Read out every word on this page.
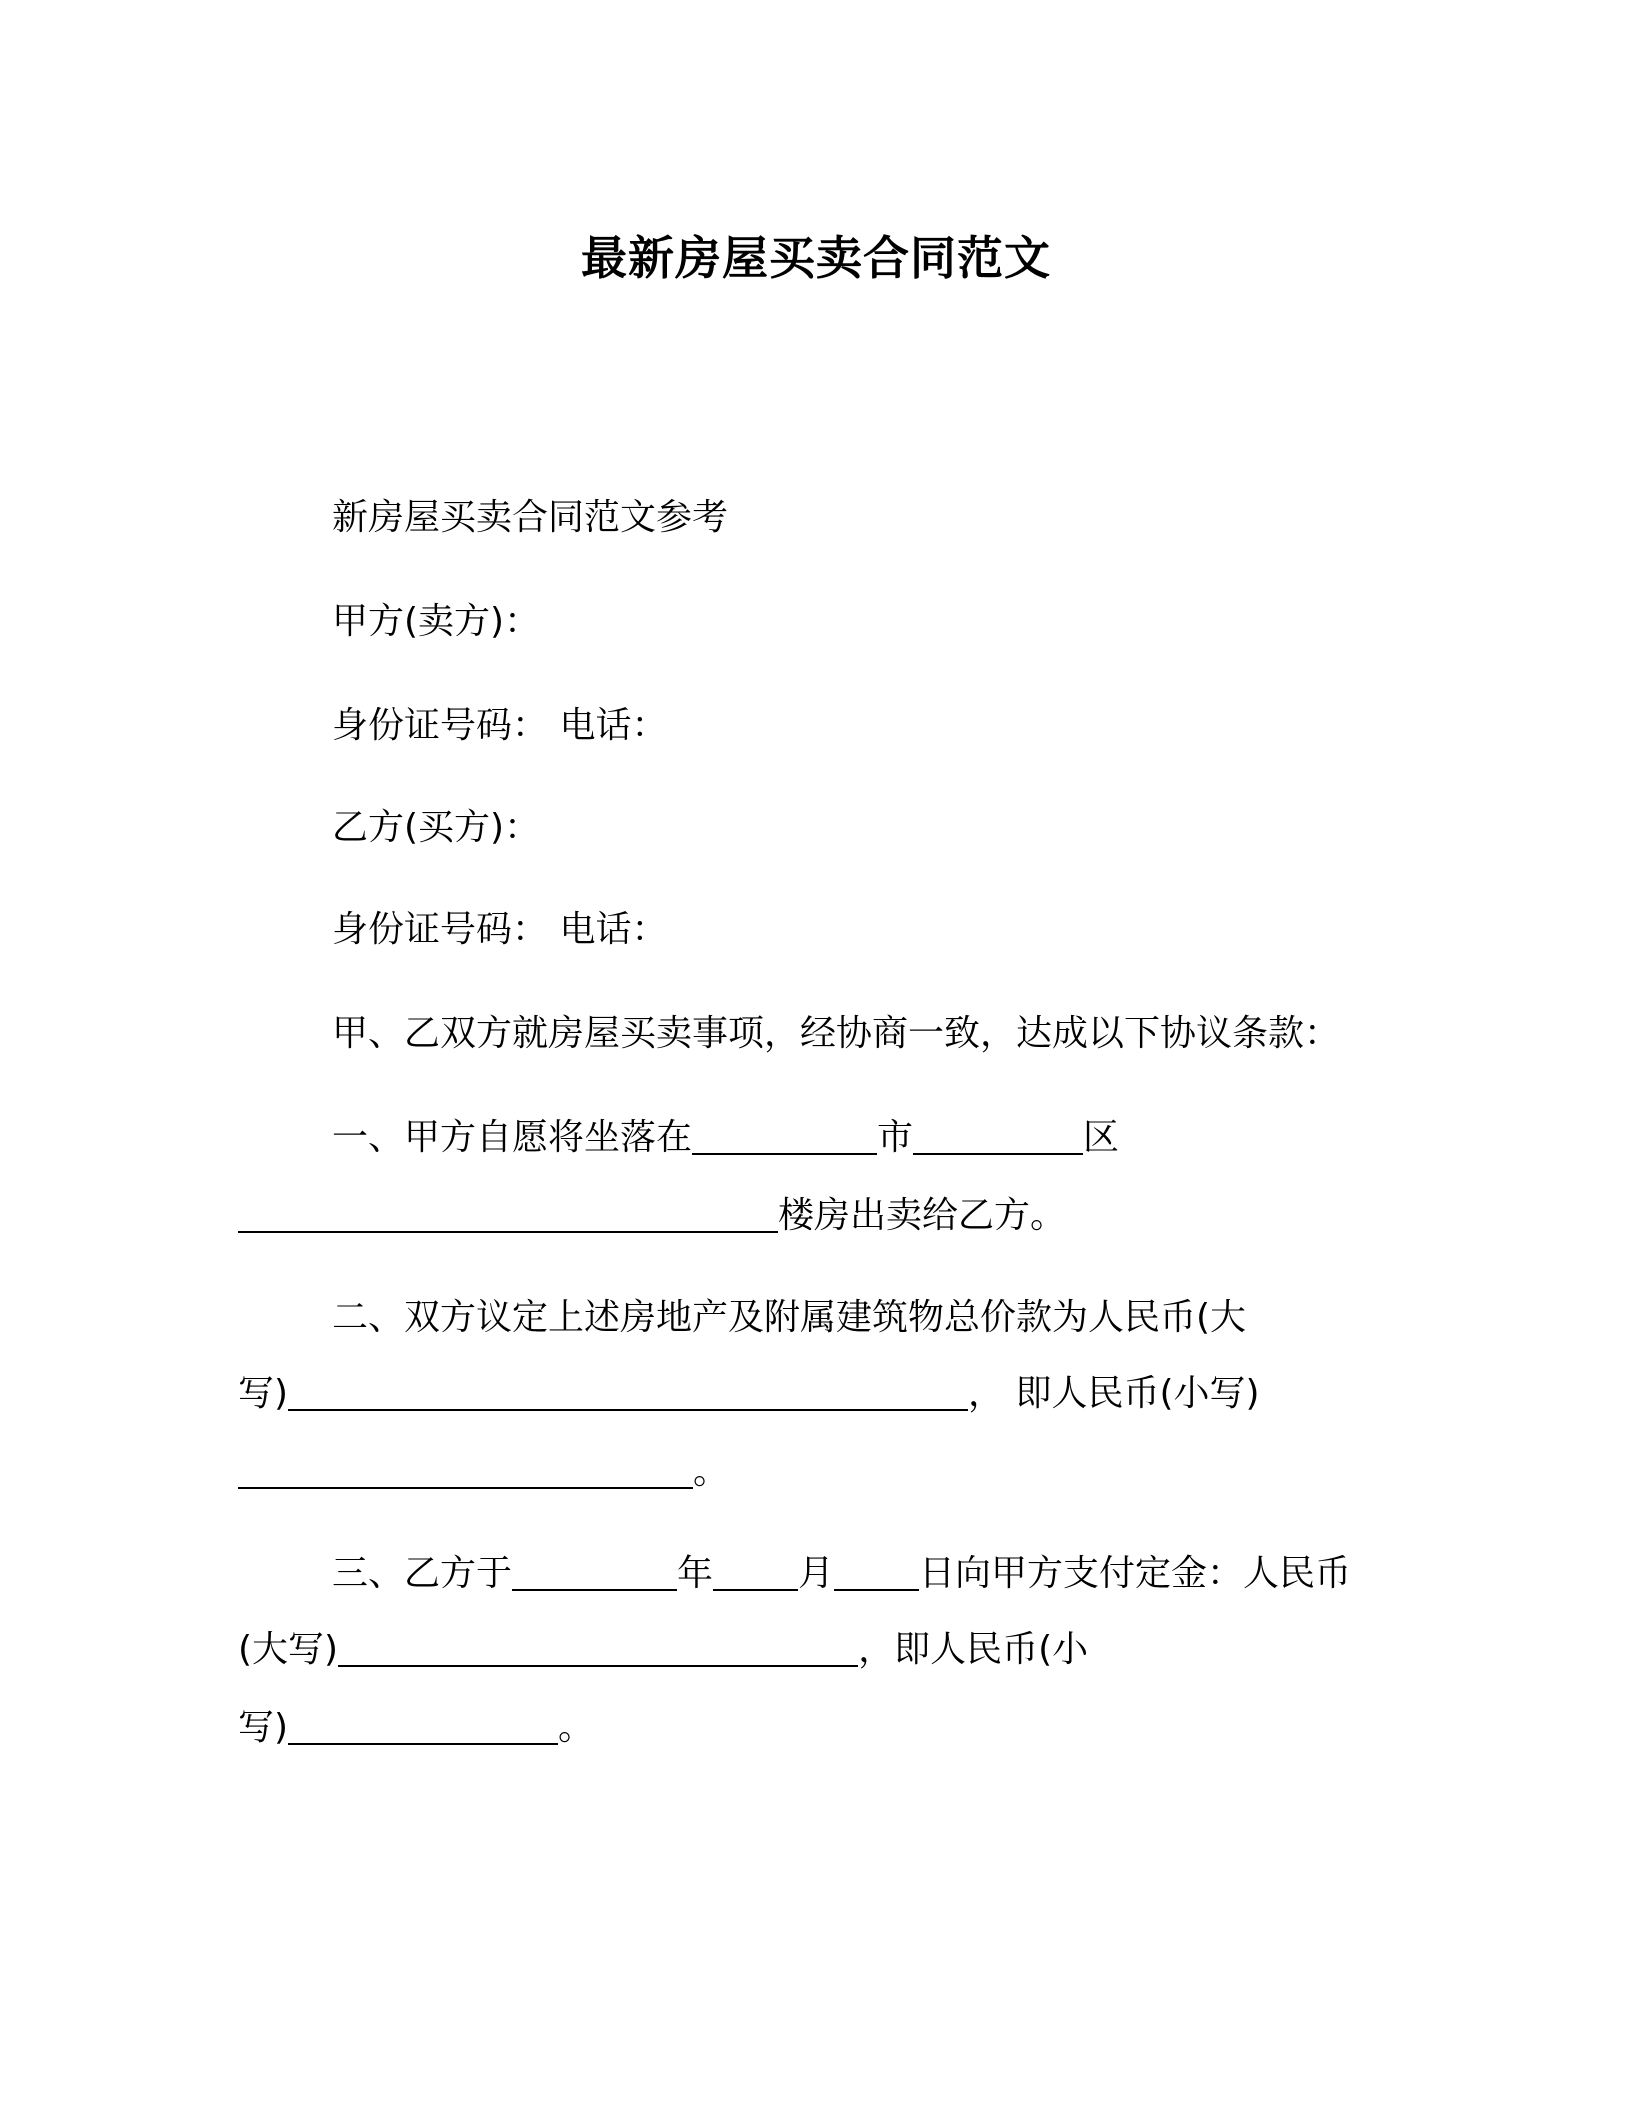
最新房屋买卖合同范文
新房屋买卖合同范文参考
甲方(卖方)：
身份证号码： 电话：
乙方(买方)：
身份证号码： 电话：
甲、乙双方就房屋买卖事项，经协商一致，达成以下协议条款：
一、甲方自愿将坐落在	市	区
楼房出卖给乙方。
二、双方议定上述房地产及附属建筑物总价款为人民币(大
写)	， 即人民币(小写)
。
三、乙方于	年 月 日向甲方支付定金：人民币
(大写)	，即人民币(小
写)	。
